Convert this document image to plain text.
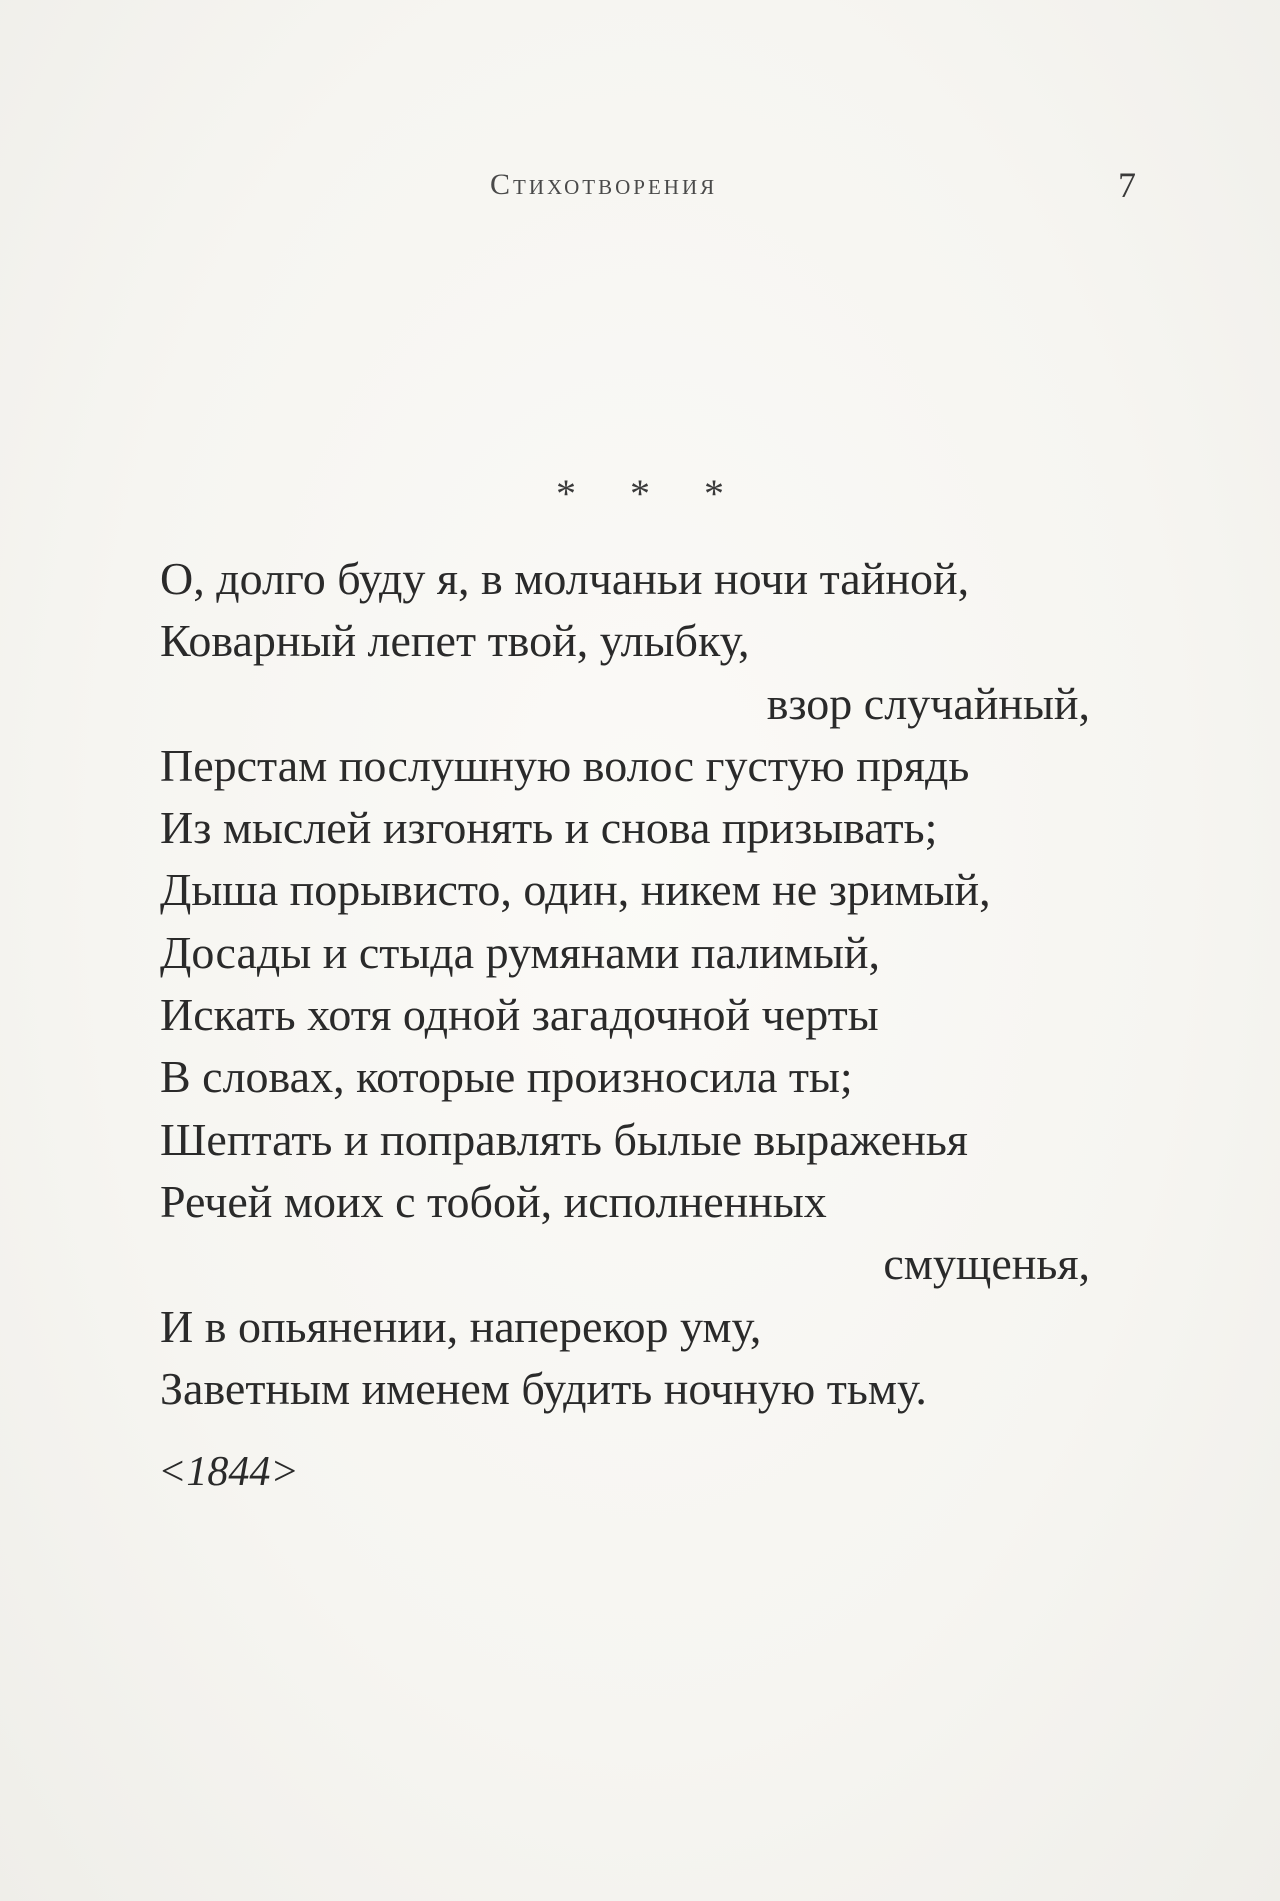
Стихотворения	7
* * *
О, долго буду я, в молчаньи ночи тайной,
Коварный лепет твой, улыбку,
взор случайный,
Перстам послушную волос густую прядь
Из мыслей изгонять и снова призывать;
Дыша порывисто, один, никем не зримый,
Досады и стыда румянами палимый,
Искать хотя одной загадочной черты
В словах, которые произносила ты;
Шептать и поправлять былые выраженья
Речей моих с тобой, исполненных
смущенья,
И в опьянении, наперекор уму,
Заветным именем будить ночную тьму.
<1844>
